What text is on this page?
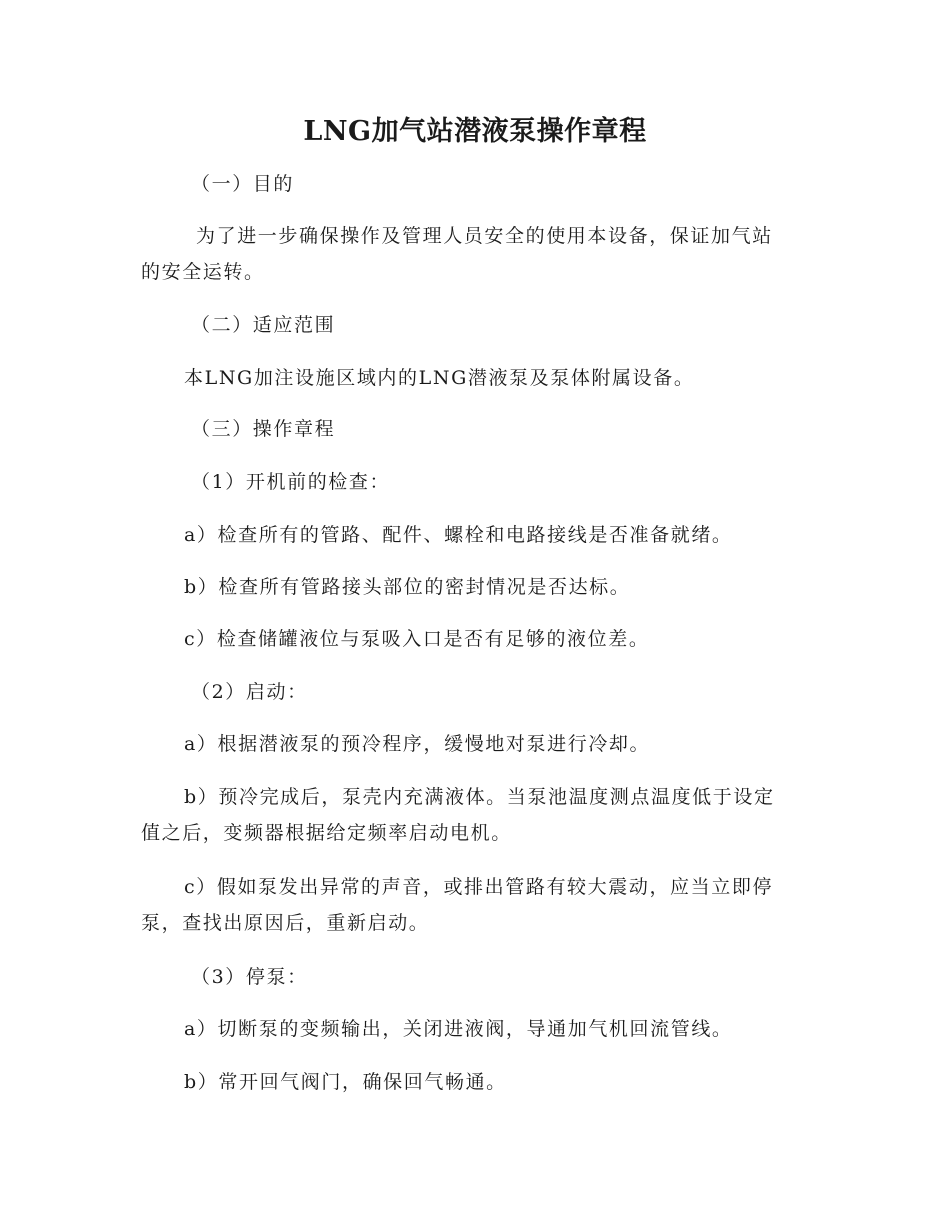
LNG加气站潜液泵操作章程
（一）目的
为了进一步确保操作及管理人员安全的使用本设备，保证加气站
的安全运转。
（二）适应范围
本LNG加注设施区域内的LNG潜液泵及泵体附属设备。
（三）操作章程
（1）开机前的检查：
a）检查所有的管路、配件、螺栓和电路接线是否准备就绪。
b）检查所有管路接头部位的密封情况是否达标。
c）检查储罐液位与泵吸入口是否有足够的液位差。
（2）启动：
a）根据潜液泵的预冷程序，缓慢地对泵进行冷却。
b）预冷完成后，泵壳内充满液体。当泵池温度测点温度低于设定
值之后，变频器根据给定频率启动电机。
c）假如泵发出异常的声音，或排出管路有较大震动，应当立即停
泵，查找出原因后，重新启动。
（3）停泵：
a）切断泵的变频输出，关闭进液阀，导通加气机回流管线。
b）常开回气阀门，确保回气畅通。
